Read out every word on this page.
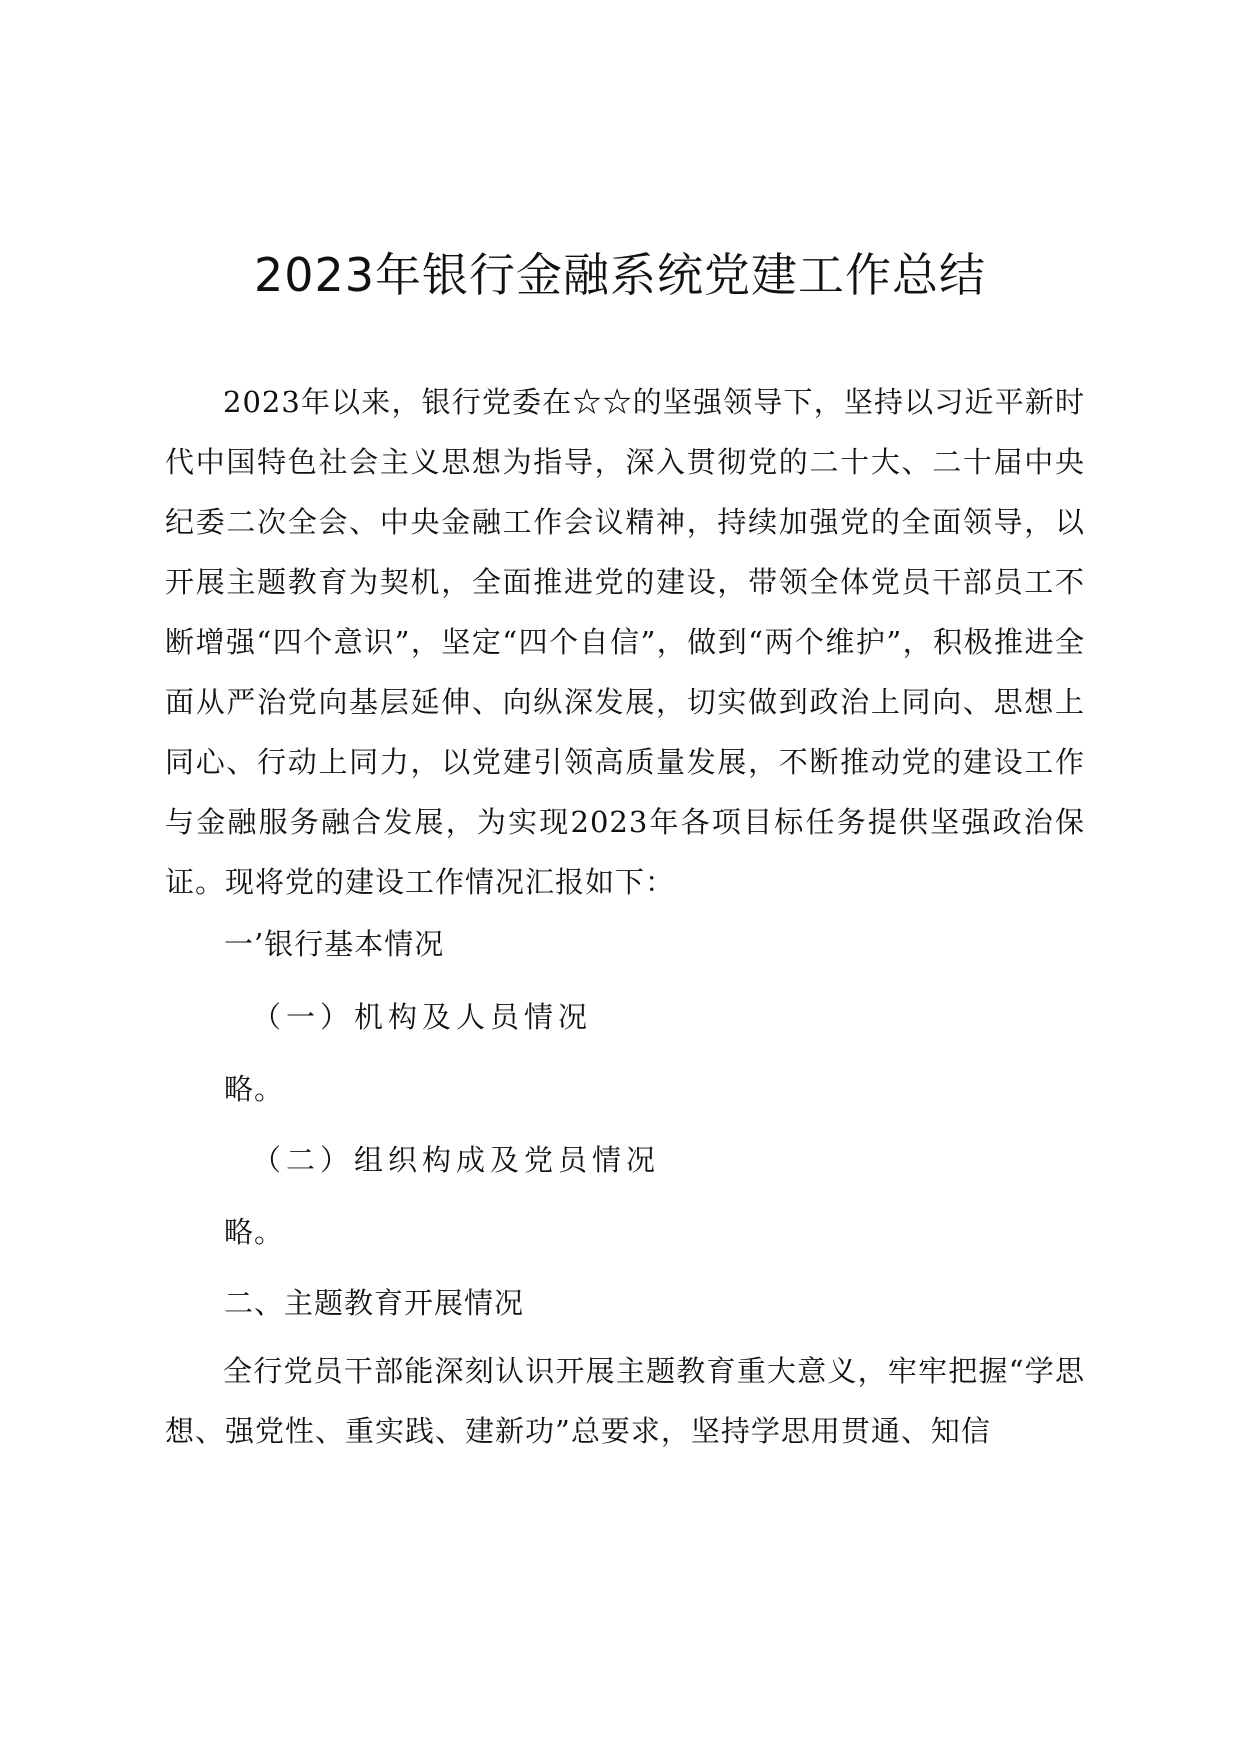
2023年银行金融系统党建工作总结
2023年以来，银行党委在☆☆的坚强领导下，坚持以习近平新时代中国特色社会主义思想为指导，深入贯彻党的二十大、二十届中央纪委二次全会、中央金融工作会议精神，持续加强党的全面领导，以开展主题教育为契机，全面推进党的建设，带领全体党员干部员工不断增强“四个意识”，坚定“四个自信”，做到“两个维护”，积极推进全面从严治党向基层延伸、向纵深发展，切实做到政治上同向、思想上同心、行动上同力，以党建引领高质量发展，不断推动党的建设工作与金融服务融合发展，为实现2023年各项目标任务提供坚强政治保证。现将党的建设工作情况汇报如下：
一’银行基本情况
（一）机构及人员情况
略。
（二）组织构成及党员情况
略。
二、主题教育开展情况
全行党员干部能深刻认识开展主题教育重大意义，牢牢把握“学思想、强党性、重实践、建新功”总要求，坚持学思用贯通、知信
